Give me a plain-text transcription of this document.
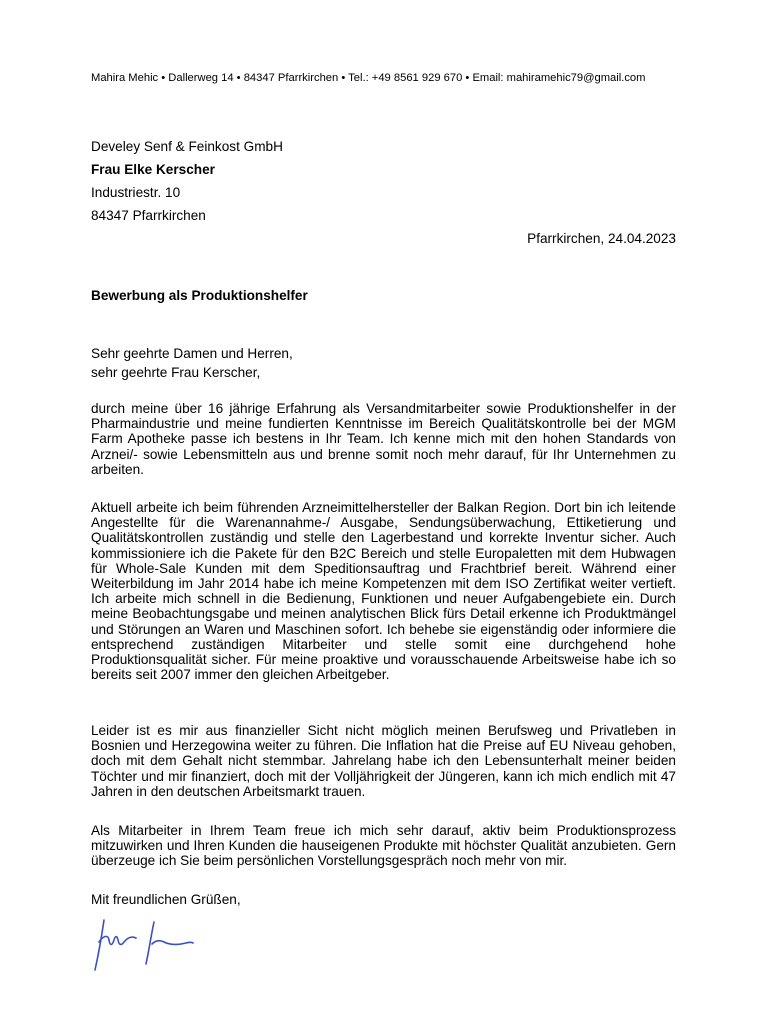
Mahira Mehic • Dallerweg 14 • 84347 Pfarrkirchen • Tel.: +49 8561 929 670 • Email: mahiramehic79@gmail.com
Develey Senf & Feinkost GmbH
Frau Elke Kerscher
Industriestr. 10
84347 Pfarrkirchen
Pfarrkirchen, 24.04.2023
Bewerbung als Produktionshelfer
Sehr geehrte Damen und Herren,
sehr geehrte Frau Kerscher,
durch meine über 16 jährige Erfahrung als Versandmitarbeiter sowie Produktionshelfer in der Pharmaindustrie und meine fundierten Kenntnisse im Bereich Qualitätskontrolle bei der MGM Farm Apotheke passe ich bestens in Ihr Team. Ich kenne mich mit den hohen Standards von Arznei/- sowie Lebensmitteln aus und brenne somit noch mehr darauf, für Ihr Unternehmen zu arbeiten.
Aktuell arbeite ich beim führenden Arzneimittelhersteller der Balkan Region. Dort bin ich leitende Angestellte für die Warenannahme-/ Ausgabe, Sendungsüberwachung, Ettiketierung und Qualitätskontrollen zuständig und stelle den Lagerbestand und korrekte Inventur sicher. Auch kommissioniere ich die Pakete für den B2C Bereich und stelle Europaletten mit dem Hubwagen für Whole-Sale Kunden mit dem Speditionsauftrag und Frachtbrief bereit. Während einer Weiterbildung im Jahr 2014 habe ich meine Kompetenzen mit dem ISO Zertifikat weiter vertieft. Ich arbeite mich schnell in die Bedienung, Funktionen und neuer Aufgabengebiete ein. Durch meine Beobachtungsgabe und meinen analytischen Blick fürs Detail erkenne ich Produktmängel und Störungen an Waren und Maschinen sofort. Ich behebe sie eigenständig oder informiere die entsprechend zuständigen Mitarbeiter und stelle somit eine durchgehend hohe Produktionsqualität sicher. Für meine proaktive und vorausschauende Arbeitsweise habe ich so bereits seit 2007 immer den gleichen Arbeitgeber.
Leider ist es mir aus finanzieller Sicht nicht möglich meinen Berufsweg und Privatleben in Bosnien und Herzegowina weiter zu führen. Die Inflation hat die Preise auf EU Niveau gehoben, doch mit dem Gehalt nicht stemmbar. Jahrelang habe ich den Lebensunterhalt meiner beiden Töchter und mir finanziert, doch mit der Volljährigkeit der Jüngeren, kann ich mich endlich mit 47 Jahren in den deutschen Arbeitsmarkt trauen.
Als Mitarbeiter in Ihrem Team freue ich mich sehr darauf, aktiv beim Produktionsprozess mitzuwirken und Ihren Kunden die hauseigenen Produkte mit höchster Qualität anzubieten. Gern überzeuge ich Sie beim persönlichen Vorstellungsgespräch noch mehr von mir.
Mit freundlichen Grüßen,
